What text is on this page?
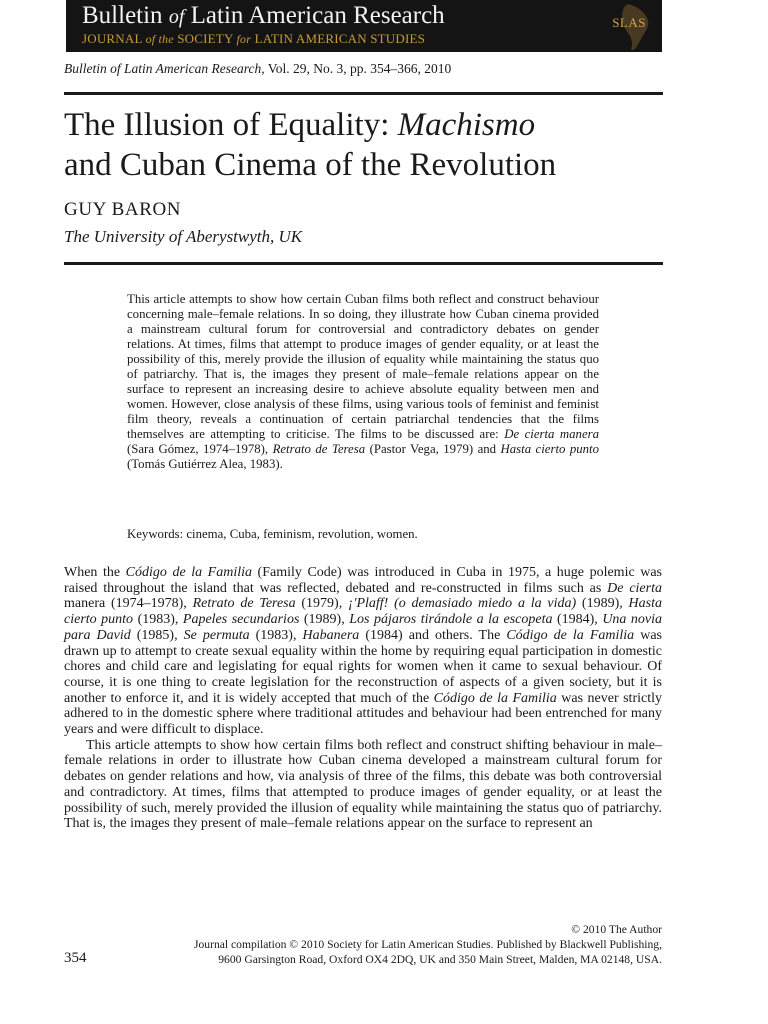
Bulletin of Latin American Research
JOURNAL of the SOCIETY for LATIN AMERICAN STUDIES
SLAS
Bulletin of Latin American Research, Vol. 29, No. 3, pp. 354–366, 2010
The Illusion of Equality: Machismo
and Cuban Cinema of the Revolution
GUY BARON
The University of Aberystwyth, UK

This article attempts to show how certain Cuban films both reflect and construct behaviour concerning male–female relations. In so doing, they illustrate how Cuban cinema provided a mainstream cultural forum for controversial and contradictory debates on gender relations. At times, films that attempt to produce images of gender equality, or at least the possibility of this, merely provide the illusion of equality while maintaining the status quo of patriarchy. That is, the images they present of male–female relations appear on the surface to represent an increasing desire to achieve absolute equality between men and women. However, close analysis of these films, using various tools of feminist and feminist film theory, reveals a continuation of certain patriarchal tendencies that the films themselves are attempting to criticise. The films to be discussed are: De cierta manera (Sara Gómez, 1974–1978), Retrato de Teresa (Pastor Vega, 1979) and Hasta cierto punto (Tomás Gutiérrez Alea, 1983).

Keywords: cinema, Cuba, feminism, revolution, women.

When the Código de la Familia (Family Code) was introduced in Cuba in 1975, a huge polemic was raised throughout the island that was reflected, debated and re-constructed in films such as De cierta manera (1974–1978), Retrato de Teresa (1979), ¡'Plaff! (o demasiado miedo a la vida) (1989), Hasta cierto punto (1983), Papeles secundarios (1989), Los pájaros tirándole a la escopeta (1984), Una novia para David (1985), Se permuta (1983), Habanera (1984) and others. The Código de la Familia was drawn up to attempt to create sexual equality within the home by requiring equal participation in domestic chores and child care and legislating for equal rights for women when it came to sexual behaviour. Of course, it is one thing to create legislation for the reconstruction of aspects of a given society, but it is another to enforce it, and it is widely accepted that much of the Código de la Familia was never strictly adhered to in the domestic sphere where traditional attitudes and behaviour had been entrenched for many years and were difficult to displace.

This article attempts to show how certain films both reflect and construct shifting behaviour in male–female relations in order to illustrate how Cuban cinema developed a mainstream cultural forum for debates on gender relations and how, via analysis of three of the films, this debate was both controversial and contradictory. At times, films that attempted to produce images of gender equality, or at least the possibility of such, merely provided the illusion of equality while maintaining the status quo of patriarchy. That is, the images they present of male–female relations appear on the surface to represent an

© 2010 The Author
Journal compilation © 2010 Society for Latin American Studies. Published by Blackwell Publishing,
9600 Garsington Road, Oxford OX4 2DQ, UK and 350 Main Street, Malden, MA 02148, USA.
354
